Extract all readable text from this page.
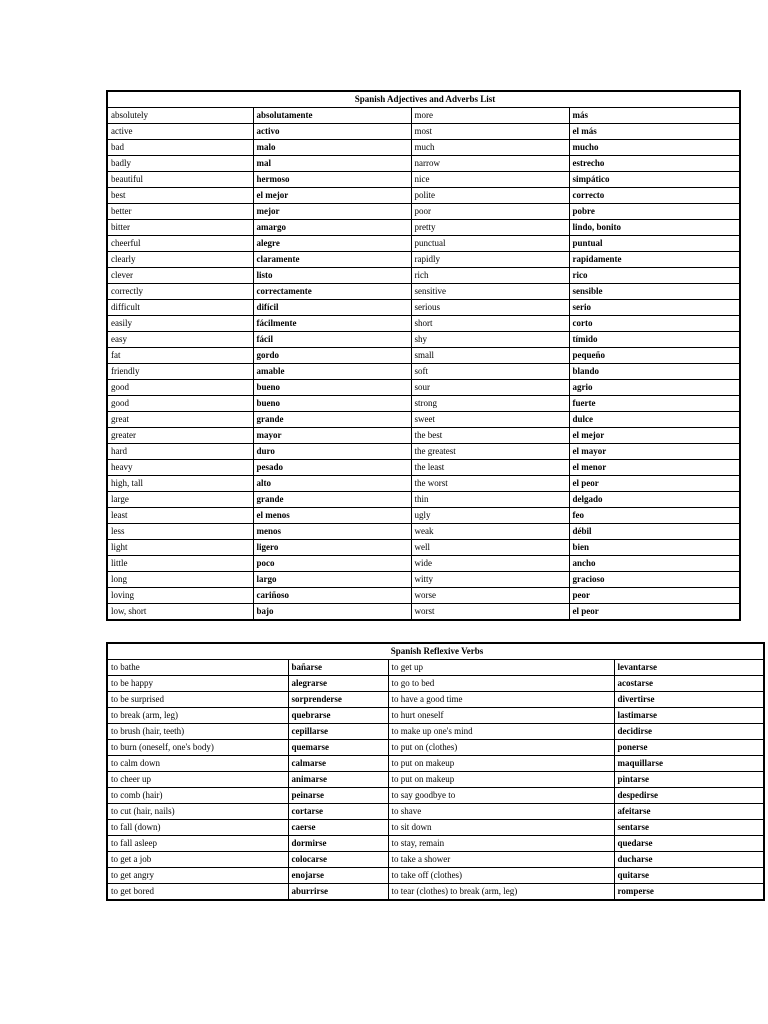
Spanish Adjectives and Adverbs List			
absolutely	absolutamente	more	más
active	activo	most	el más
bad	malo	much	mucho
badly	mal	narrow	estrecho
beautiful	hermoso	nice	simpático
best	el mejor	polite	correcto
better	mejor	poor	pobre
bitter	amargo	pretty	lindo, bonito
cheerful	alegre	punctual	puntual
clearly	claramente	rapidly	rapidamente
clever	listo	rich	rico
correctly	correctamente	sensitive	sensible
difficult	difícil	serious	serio
easily	fácilmente	short	corto
easy	fácil	shy	tímido
fat	gordo	small	pequeño
friendly	amable	soft	blando
good	bueno	sour	agrio
good	bueno	strong	fuerte
great	grande	sweet	dulce
greater	mayor	the best	el mejor
hard	duro	the greatest	el mayor
heavy	pesado	the least	el menor
high, tall	alto	the worst	el peor
large	grande	thin	delgado
least	el menos	ugly	feo
less	menos	weak	débil
light	ligero	well	bien
little	poco	wide	ancho
long	largo	witty	gracioso
loving	cariñoso	worse	peor
low, short	bajo	worst	el peor
Spanish Reflexive Verbs			
to bathe	bañarse	to get up	levantarse
to be happy	alegrarse	to go to bed	acostarse
to be surprised	sorprenderse	to have a good time	divertirse
to break (arm, leg)	quebrarse	to hurt oneself	lastimarse
to brush (hair, teeth)	cepillarse	to make up one's mind	decidirse
to burn (oneself, one's body)	quemarse	to put on (clothes)	ponerse
to calm down	calmarse	to put on makeup	maquillarse
to cheer up	animarse	to put on makeup	pintarse
to comb (hair)	peinarse	to say goodbye to	despedirse
to cut (hair, nails)	cortarse	to shave	afeitarse
to fall (down)	caerse	to sit down	sentarse
to fall asleep	dormirse	to stay, remain	quedarse
to get a job	colocarse	to take a shower	ducharse
to get angry	enojarse	to take off (clothes)	quitarse
to get bored	aburrirse	to tear (clothes) to break (arm, leg)	romperse
